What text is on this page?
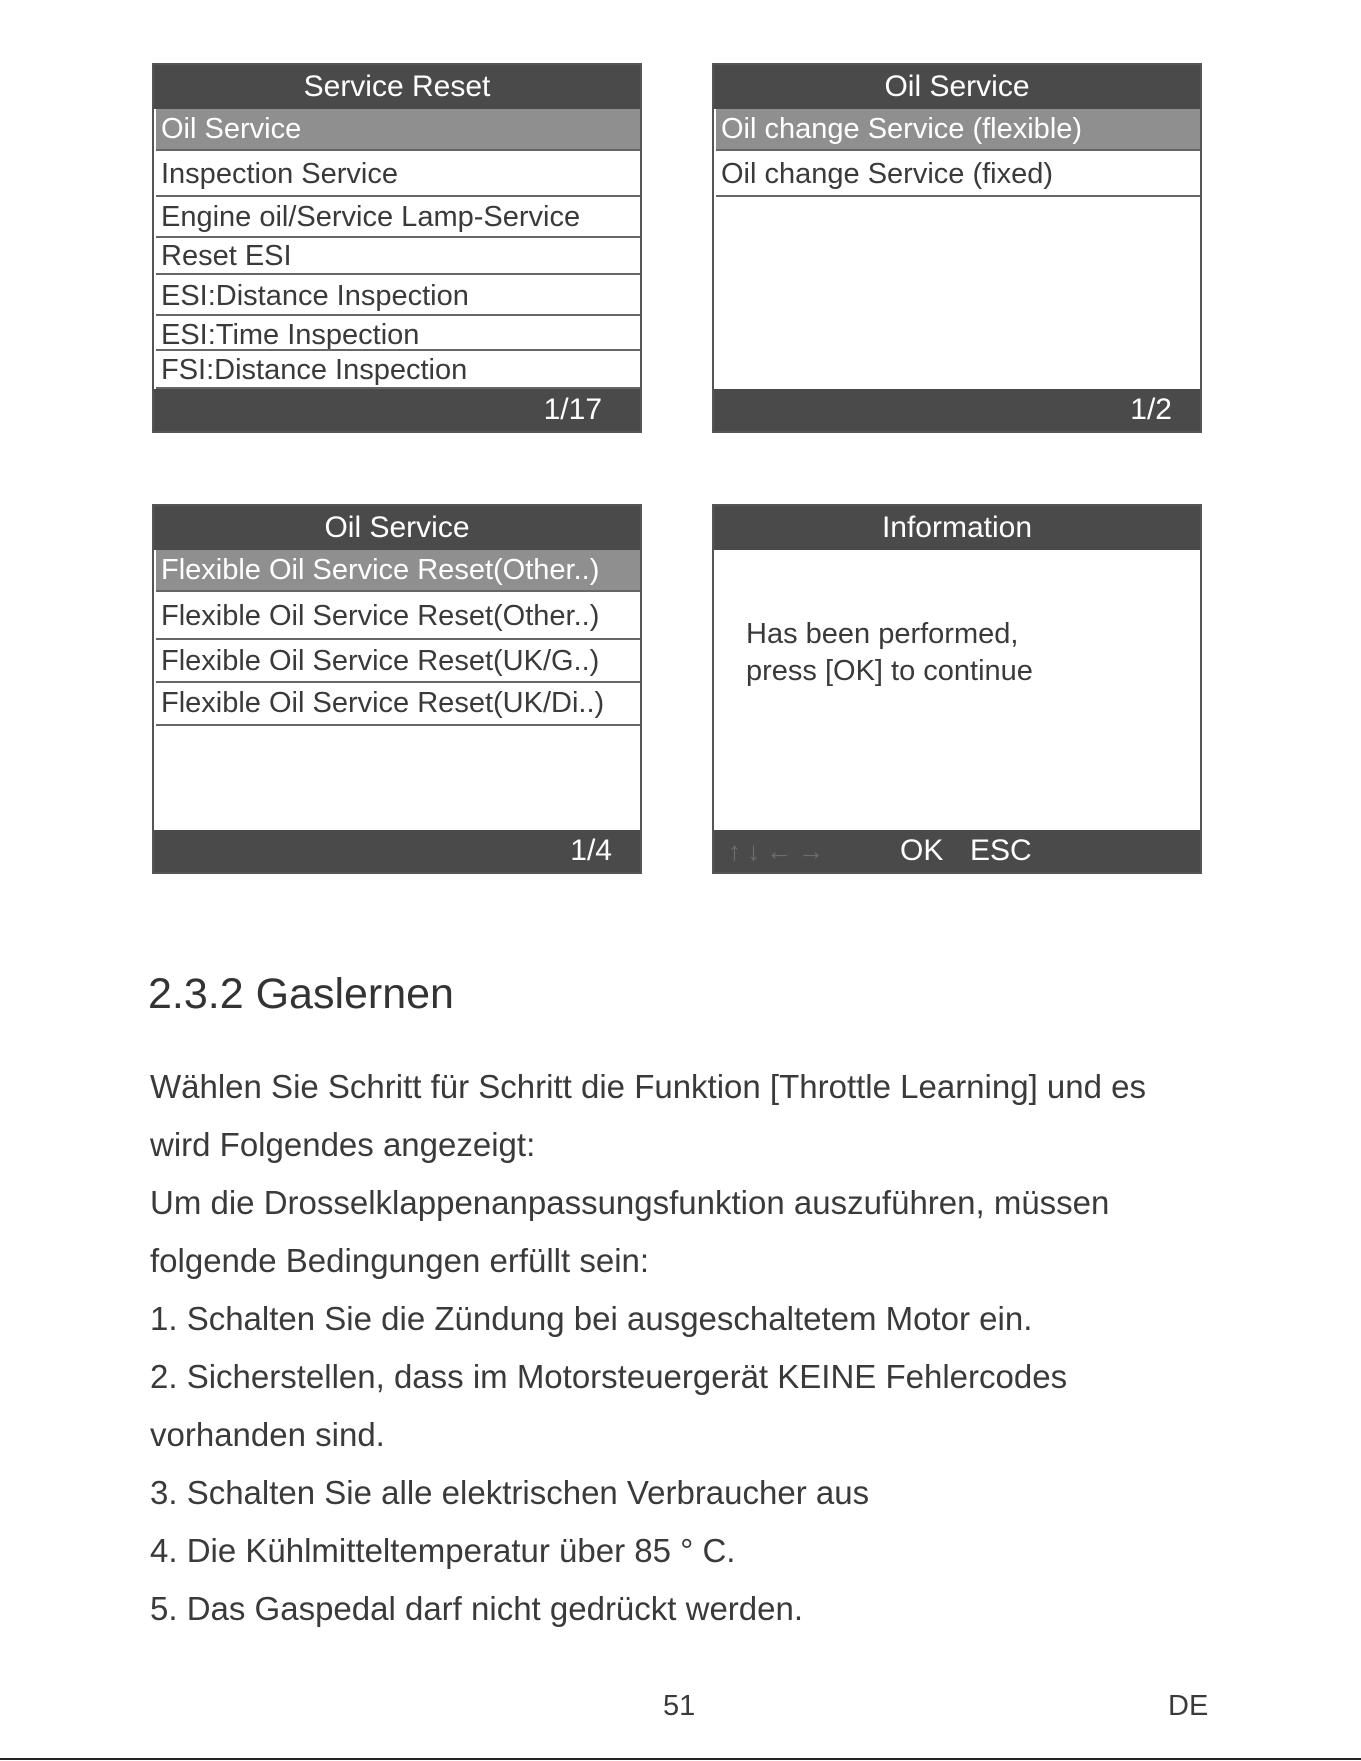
Service Reset
Oil Service
Inspection Service
Engine oil/Service Lamp-Service
Reset ESI
ESI:Distance Inspection
ESI:Time Inspection
FSI:Distance Inspection
1/17
Oil Service
Oil change Service (flexible)
Oil change Service (fixed)
1/2
Oil Service
Flexible Oil Service Reset(Other..)
Flexible Oil Service Reset(Other..)
Flexible Oil Service Reset(UK/G..)
Flexible Oil Service Reset(UK/Di..)
1/4
Information
Has been performed,
press [OK] to continue
↑↓←→ OK ESC
2.3.2 Gaslernen

Wählen Sie Schritt für Schritt die Funktion [Throttle Learning] und es

wird Folgendes angezeigt:

Um die Drosselklappenanpassungsfunktion auszuführen, müssen

folgende Bedingungen erfüllt sein:

1. Schalten Sie die Zündung bei ausgeschaltetem Motor ein.

2. Sicherstellen, dass im Motorsteuergerät KEINE Fehlercodes

vorhanden sind.

3. Schalten Sie alle elektrischen Verbraucher aus

4. Die Kühlmitteltemperatur über 85 ° C.

5. Das Gaspedal darf nicht gedrückt werden.

51	DE
